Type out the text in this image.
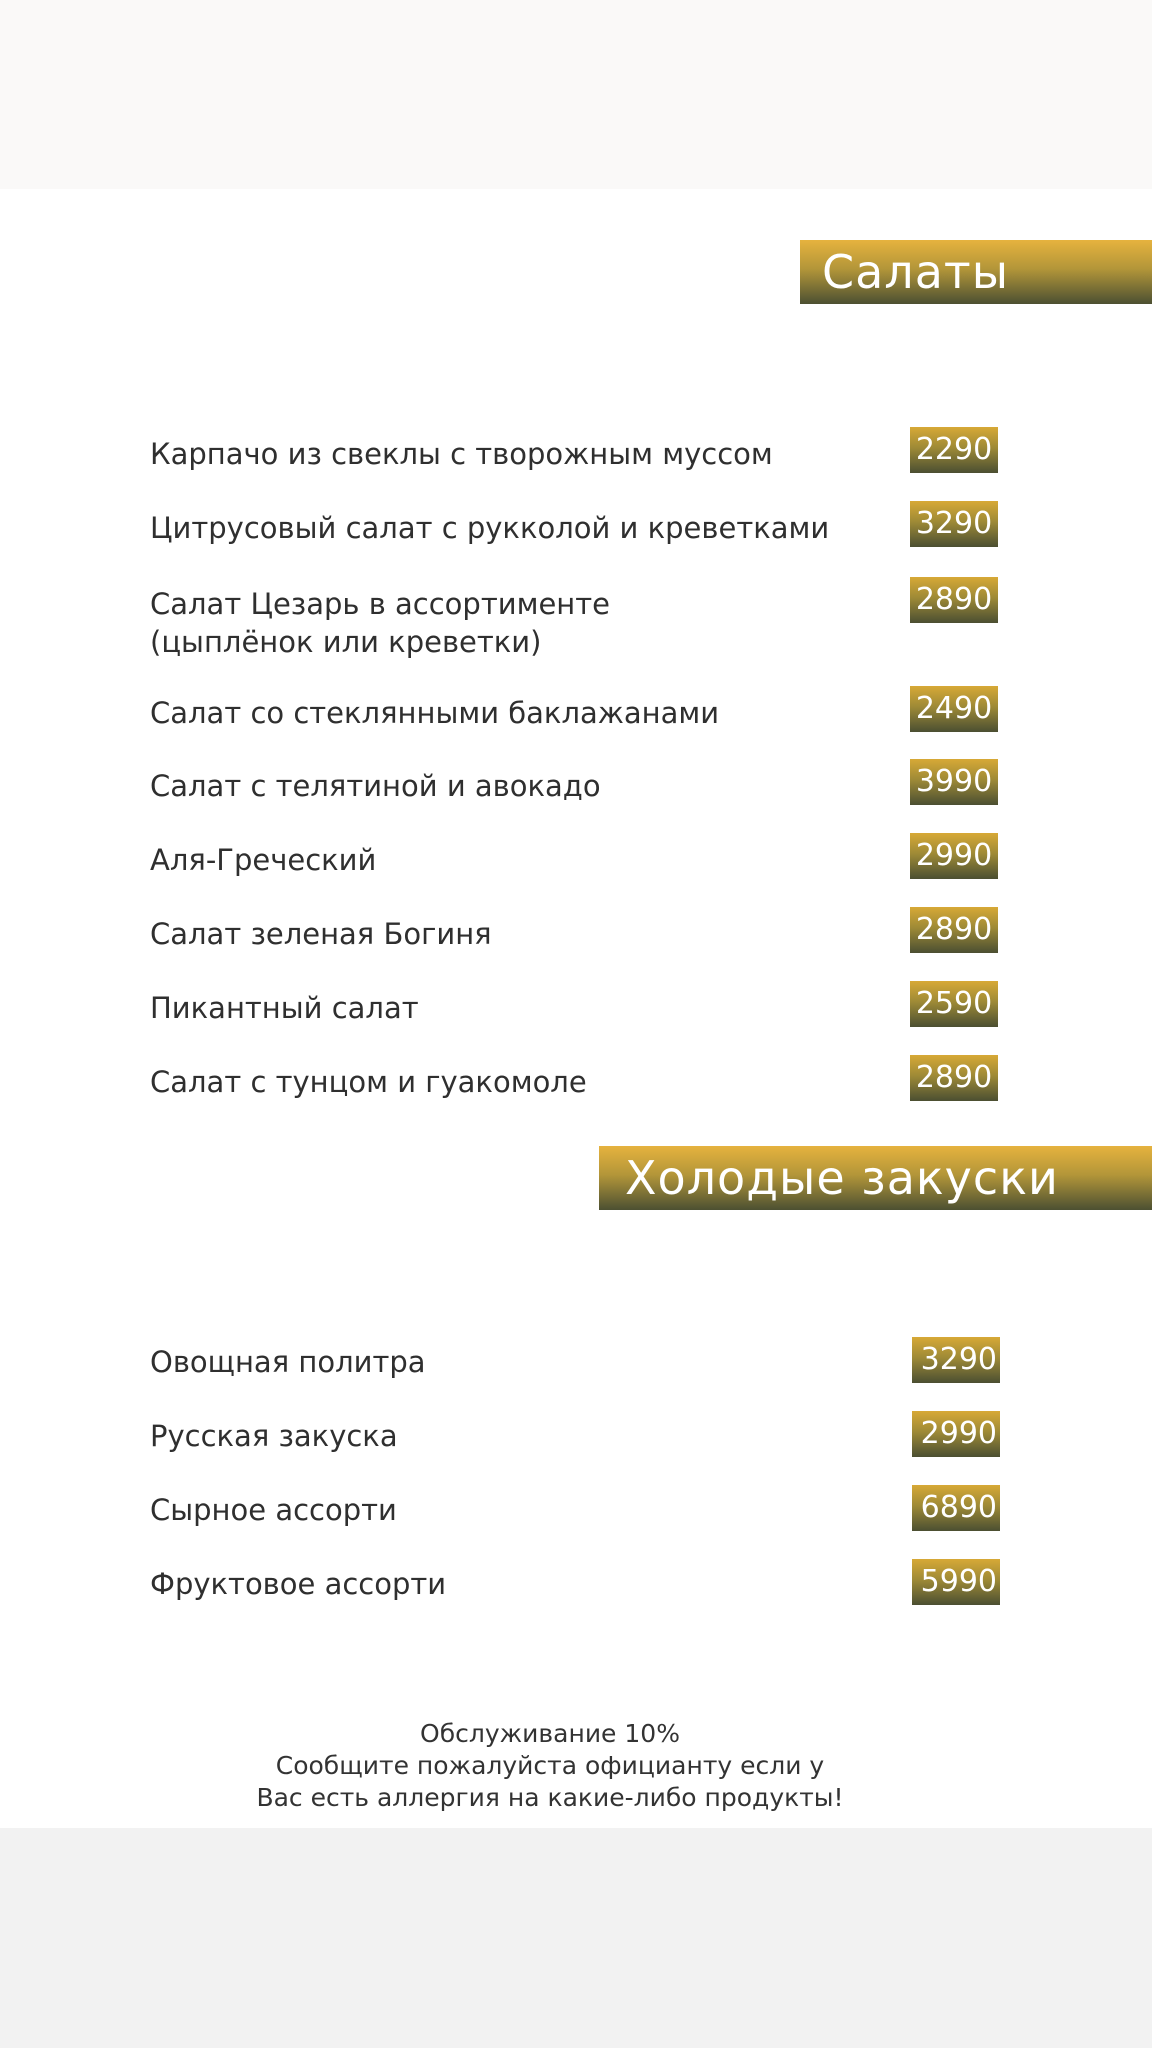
Салаты
Карпачо из свеклы с творожным муссом	2290
Цитрусовый салат с рукколой и креветками	3290
Салат Цезарь в ассортименте
(цыплёнок или креветки)
2890
Салат со стеклянными баклажанами	2490
Салат с телятиной и авокадо	3990
Аля-Греческий	2990
Салат зеленая Богиня	2890
Пикантный салат	2590
Салат с тунцом и гуакомоле	2890
Холодые закуски
Овощная политра	3290
Русская закуска	2990
Сырное ассорти	6890
Фруктовое ассорти	5990
Обслуживание 10%
Сообщите пожалуйста официанту если у
Вас есть аллергия на какие-либо продукты!
